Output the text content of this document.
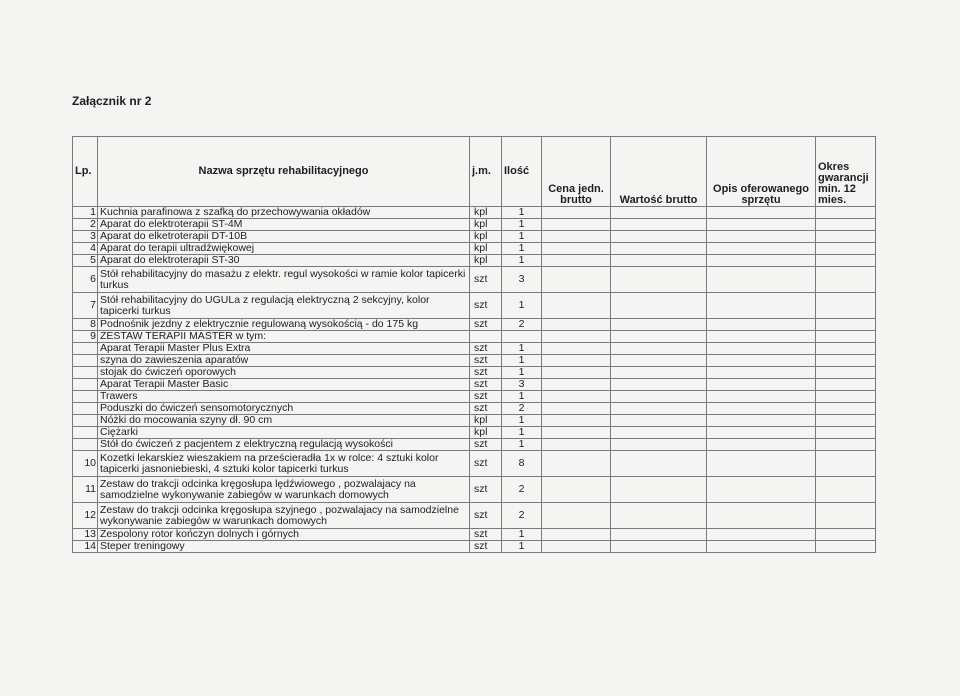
Załącznik nr 2
Lp.	Nazwa sprzętu rehabilitacyjnego	j.m.	Ilość	Cena jedn. brutto	Wartość brutto	Opis oferowanego sprzętu	Okres gwarancji min. 12 mies.
1	Kuchnia parafinowa z szafką do przechowywania okładów	kpl	1				
2	Aparat do elektroterapii ST-4M	kpl	1				
3	Aparat do elketroterapii DT-10B	kpl	1				
4	Aparat do terapii ultradźwiękowej	kpl	1				
5	Aparat do elektroterapii ST-30	kpl	1				
6	Stół rehabilitacyjny do masażu z elektr. regul wysokości w ramie kolor tapicerki turkus	szt	3				
7	Stół rehabilitacyjny do UGULa z regulacją elektryczną 2 sekcyjny, kolor tapicerki turkus	szt	1				
8	Podnośnik jezdny z elektrycznie regulowaną wysokością - do 175 kg	szt	2				
9	ZESTAW TERAPII MASTER w tym:						
	Aparat Terapii Master Plus Extra	szt	1				
	szyna do zawieszenia aparatów	szt	1				
	stojak do ćwiczeń oporowych	szt	1				
	Aparat Terapii Master Basic	szt	3				
	Trawers	szt	1				
	Poduszki do ćwiczeń sensomotorycznych	szt	2				
	Nóżki do mocowania szyny dł. 90 cm	kpl	1				
	Ciężarki	kpl	1				
	Stół do ćwiczeń z pacjentem z elektryczną regulacją wysokości	szt	1				
10	Kozetki lekarskiez wieszakiem na prześcieradła 1x w rolce: 4 sztuki kolor tapicerki jasnoniebieski, 4 sztuki kolor tapicerki turkus	szt	8				
11	Zestaw do trakcji odcinka kręgosłupa lędźwiowego , pozwalajacy na samodzielne wykonywanie zabiegów w warunkach domowych	szt	2				
12	Zestaw do trakcji odcinka kręgosłupa szyjnego , pozwalajacy na samodzielne wykonywanie zabiegów w warunkach domowych	szt	2				
13	Zespolony rotor kończyn dolnych i górnych	szt	1				
14	Steper treningowy	szt	1				
